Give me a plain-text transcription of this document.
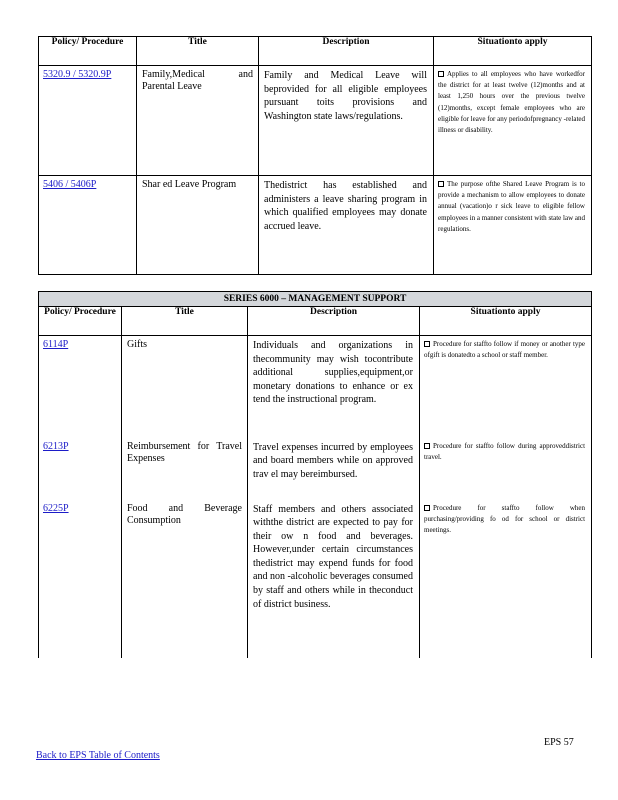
Policy/ Procedure	Title	Description	Situationto apply
5320.9 / 5320.9P	Family,Medical and Parental Leave	Family and Medical Leave will beprovided for all eligible employees pursuant toits provisions and Washington state laws/regulations.	Applies to all employees who have workedfor the district for at least twelve (12)months and at least 1,250 hours over the previous twelve (12)months, except female employees who are eligible for leave for any periodofpregnancy -related illness or disability.
5406 / 5406P	Shar ed Leave Program	Thedistrict has established and administers a leave sharing program in which qualified employees may donate accrued leave.	The purpose ofthe Shared Leave Program is to provide a mechanism to allow employees to donate annual (vacation)o r sick leave to eligible fellow employees in a manner consistent with state law and regulations.
SERIES 6000 – MANAGEMENT SUPPORT			
Policy/ Procedure	Title	Description	Situationto apply
6114P	Gifts	Individuals and organizations in thecommunity may wish tocontribute additional supplies,equipment,or monetary donations to enhance or ex tend the instructional program.	Procedure for staffto follow if money or another type ofgift is donatedto a school or staff member.
6213P	Reimbursement for Travel Expenses	Travel expenses incurred by employees and board members while on approved trav el may bereimbursed.	Procedure for staffto follow during approveddistrict travel.
6225P	Food and Beverage Consumption	Staff members and others associated withthe district are expected to pay for their ow n food and beverages. However,under certain circumstances thedistrict may expend funds for food and non -alcoholic beverages consumed by staff and others while in theconduct of district business.	Procedure for staffto follow when purchasing/providing fo od for school or district meetings.
EPS 57
Back to EPS Table of Contents
